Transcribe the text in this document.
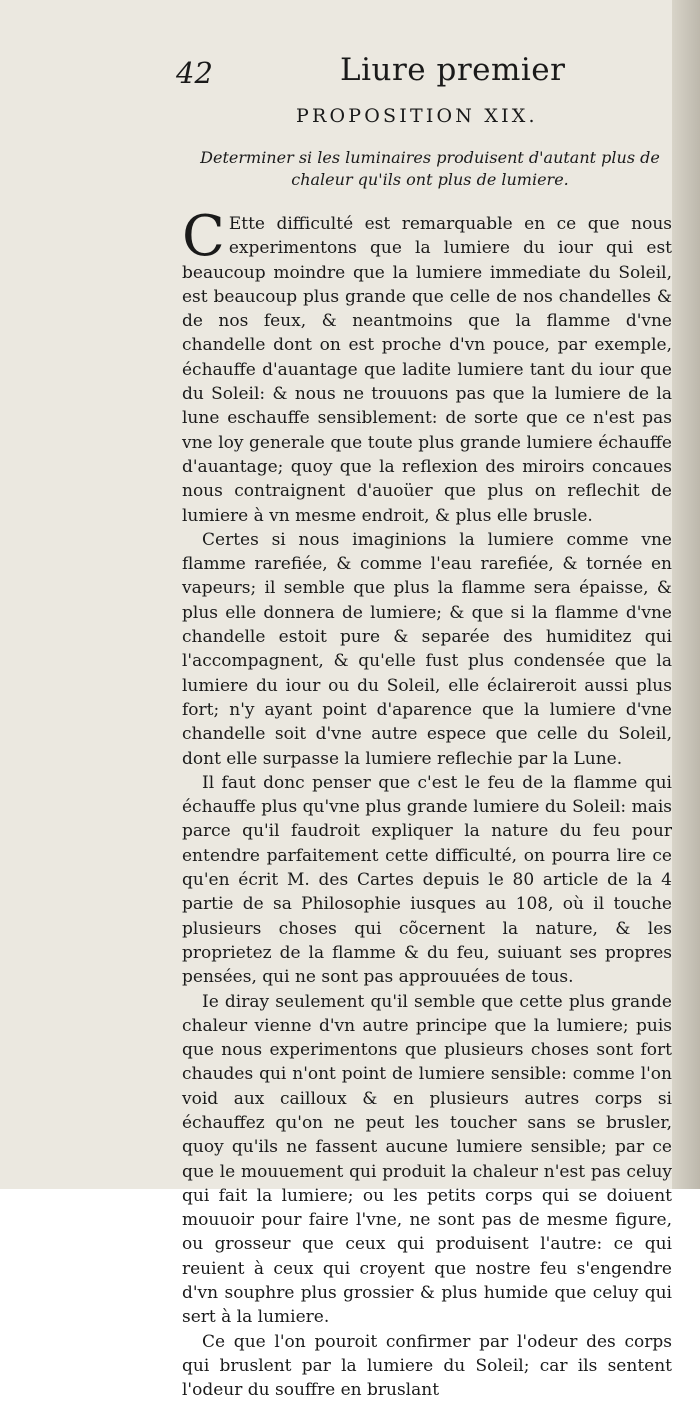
42	Liure premier
PROPOSITION XIX.
Determiner si les luminaires produisent d'autant plus de chaleur qu'ils ont plus de lumiere.

C Ette difficulté est remarquable en ce que nous experimentons que la lumiere du iour qui est beaucoup moindre que la lumiere immediate du Soleil, est beaucoup plus grande que celle de nos chandelles & de nos feux, & neantmoins que la flamme d'vne chandelle dont on est proche d'vn pouce, par exemple, échauffe d'auantage que ladite lumiere tant du iour que du Soleil: & nous ne trouuons pas que la lumiere de la lune eschauffe sensiblement: de sorte que ce n'est pas vne loy generale que toute plus grande lumiere échauffe d'auantage; quoy que la reflexion des miroirs concaues nous contraignent d'auoüer que plus on reflechit de lumiere à vn mesme endroit, & plus elle brusle.

Certes si nous imaginions la lumiere comme vne flamme rarefiée, & comme l'eau rarefiée, & tornée en vapeurs; il semble que plus la flamme sera épaisse, & plus elle donnera de lumiere; & que si la flamme d'vne chandelle estoit pure & separée des humiditez qui l'accompagnent, & qu'elle fust plus condensée que la lumiere du iour ou du Soleil, elle éclaireroit aussi plus fort; n'y ayant point d'aparence que la lumiere d'vne chandelle soit d'vne autre espece que celle du Soleil, dont elle surpasse la lumiere reflechie par la Lune.

Il faut donc penser que c'est le feu de la flamme qui échauffe plus qu'vne plus grande lumiere du Soleil: mais parce qu'il faudroit expliquer la nature du feu pour entendre parfaitement cette difficulté, on pourra lire ce qu'en écrit M. des Cartes depuis le 80 article de la 4 partie de sa Philosophie iusques au 108, où il touche plusieurs choses qui cõcernent la nature, & les proprietez de la flamme & du feu, suiuant ses propres pensées, qui ne sont pas approuuées de tous.

Ie diray seulement qu'il semble que cette plus grande chaleur vienne d'vn autre principe que la lumiere; puis que nous experimentons que plusieurs choses sont fort chaudes qui n'ont point de lumiere sensible: comme l'on void aux cailloux & en plusieurs autres corps si échauffez qu'on ne peut les toucher sans se brusler, quoy qu'ils ne fassent aucune lumiere sensible; par ce que le mouuement qui produit la chaleur n'est pas celuy qui fait la lumiere; ou les petits corps qui se doiuent mouuoir pour faire l'vne, ne sont pas de mesme figure, ou grosseur que ceux qui produisent l'autre: ce qui reuient à ceux qui croyent que nostre feu s'engendre d'vn souphre plus grossier & plus humide que celuy qui sert à la lumiere.

Ce que l'on pouroit confirmer par l'odeur des corps qui bruslent par la lumiere du Soleil; car ils sentent l'odeur du souffre en bruslant
